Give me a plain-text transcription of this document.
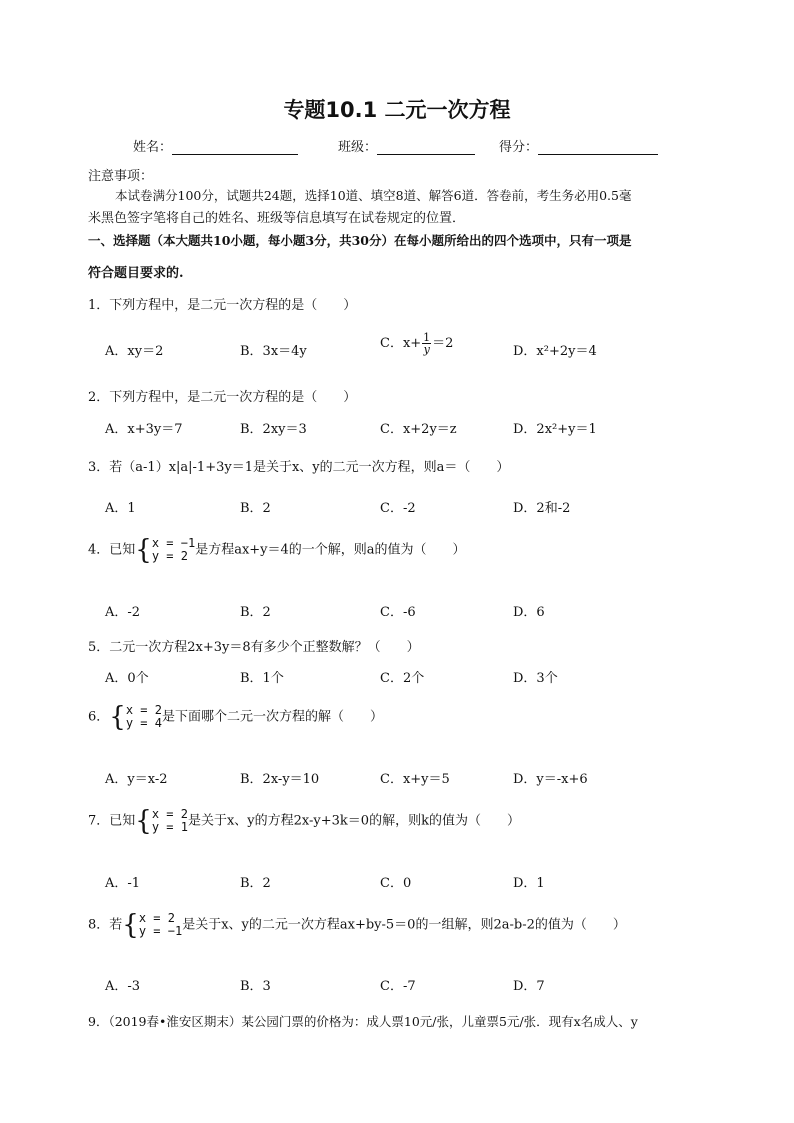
专题10.1 二元一次方程
姓名：	班级：	得分：
注意事项：
本试卷满分100分，试题共24题，选择10道、填空8道、解答6道．答卷前，考生务必用0.5毫
米黑色签字笔将自己的姓名、班级等信息填写在试卷规定的位置．
一、选择题（本大题共10小题，每小题3分，共30分）在每小题所给出的四个选项中，只有一项是
符合题目要求的.
1．下列方程中，是二元一次方程的是（　　）
A．xy＝2	B．3x＝4y
C．$x+ \frac{1}{y} =2$
D．x²+2y＝4
2．下列方程中，是二元一次方程的是（　　）
A．x+3y＝7	B．2xy＝3	C．x+2y＝z	D．2x²+y＝1
3．若（a-1）x|a|-1+3y＝1是关于x、y的二元一次方程，则a＝（　　）
A．1	B．2	C．-2	D．2和-2
4．已知 { x = −1
y = 2 是方程ax+y＝4的一个解，则a的值为（　　）
A．-2	B．2	C．-6	D．6
5．二元一次方程2x+3y＝8有多少个正整数解？（　　）
A．0个	B．1个	C．2个	D．3个
6． { x = 2
y = 4 是下面哪个二元一次方程的解（　　）
A．y＝x-2	B．2x-y＝10	C．x+y＝5	D．y＝-x+6
7．已知 { x = 2
y = 1 是关于x、y的方程2x-y+3k＝0的解，则k的值为（　　）
A．-1	B．2	C．0	D．1
8．若 { x = 2
y = −1 是关于x、y的二元一次方程ax+by-5＝0的一组解，则2a-b-2的值为（　　）
A．-3	B．3	C．-7	D．7
9．（2019春•淮安区期末）某公园门票的价格为：成人票10元/张，儿童票5元/张．现有x名成人、y
